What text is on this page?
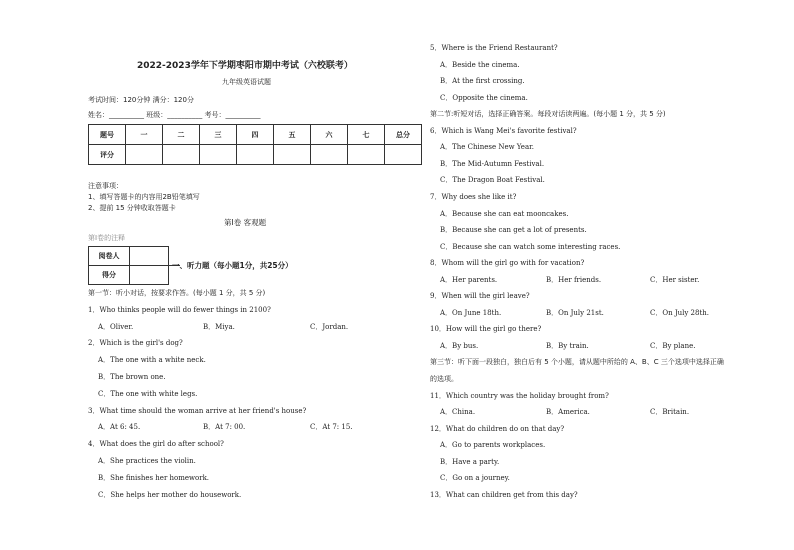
2022-2023学年下学期枣阳市期中考试（六校联考）
九年级英语试题
考试时间：120分钟 满分：120分
姓名：__________ 班级：__________ 考号：__________
题号	一	二	三	四	五	六	七	总分
评分								
注意事项：
1、填写答题卡的内容用2B铅笔填写
2、提前 15 分钟收取答题卡
第Ⅰ卷 客观题
第Ⅰ卷的注释
阅卷人	
得分	
一、听力题（每小题1分，共25分）
第一节：听小对话，按要求作答。(每小题 1 分，共 5 分)
1．Who thinks people will do fewer things in 2100?
A．Oliver.	B．Miya.	C．Jordan.
2．Which is the girl's dog?
A．The one with a white neck.
B．The brown one.
C．The one with white legs.
3．What time should the woman arrive at her friend's house?
A．At 6: 45.	B．At 7: 00.	C．At 7: 15.
4．What does the girl do after school?
A．She practices the violin.
B．She finishes her homework.
C．She helps her mother do housework.
5．Where is the Friend Restaurant?
A．Beside the cinema.
B．At the first crossing.
C．Opposite the cinema.
第二节:听短对话，选择正确答案。每段对话读两遍。(每小题 1 分，共 5 分)
6．Which is Wang Mei's favorite festival?
A．The Chinese New Year.
B．The Mid-Autumn Festival.
C．The Dragon Boat Festival.
7．Why does she like it?
A．Because she can eat mooncakes.
B．Because she can get a lot of presents.
C．Because she can watch some interesting races.
8．Whom will the girl go with for vacation?
A．Her parents.	B．Her friends.	C．Her sister.
9．When will the girl leave?
A．On June 18th.	B．On July 21st.	C．On July 28th.
10．How will the girl go there?
A．By bus.	B．By train.	C．By plane.
第三节：听下面一段独白，独白后有 5 个小题，请从题中所给的 A、B、C 三个选项中选择正确
的选项。
11．Which country was the holiday brought from?
A．China.	B．America.	C．Britain.
12．What do children do on that day?
A．Go to parents workplaces.
B．Have a party.
C．Go on a journey.
13．What can children get from this day?
